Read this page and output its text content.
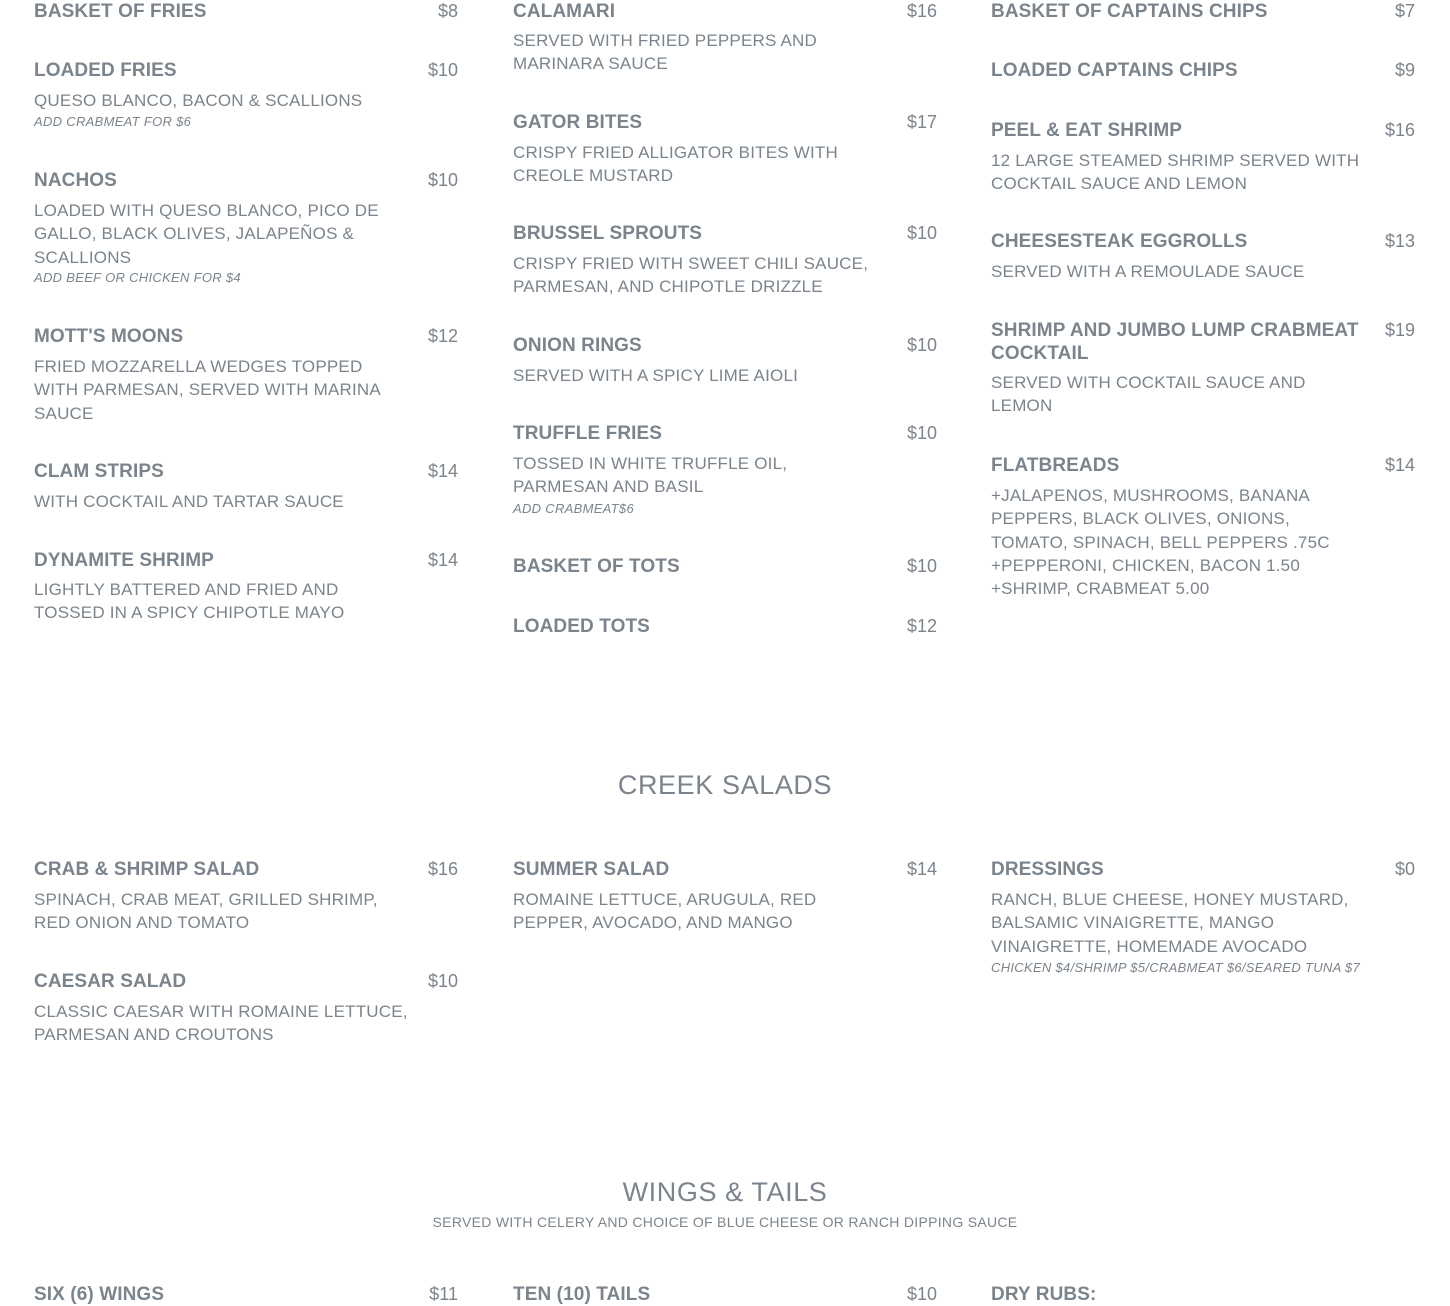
BASKET OF FRIES	$8
LOADED FRIES	$10
QUESO BLANCO, BACON & SCALLIONS
ADD CRABMEAT FOR $6
NACHOS	$10
LOADED WITH QUESO BLANCO, PICO DE GALLO, BLACK OLIVES, JALAPEÑOS & SCALLIONS
ADD BEEF OR CHICKEN FOR $4
MOTT'S MOONS	$12
FRIED MOZZARELLA WEDGES TOPPED WITH PARMESAN, SERVED WITH MARINA SAUCE
CLAM STRIPS	$14
WITH COCKTAIL AND TARTAR SAUCE
DYNAMITE SHRIMP	$14
LIGHTLY BATTERED AND FRIED AND TOSSED IN A SPICY CHIPOTLE MAYO
CALAMARI	$16
SERVED WITH FRIED PEPPERS AND MARINARA SAUCE
GATOR BITES	$17
CRISPY FRIED ALLIGATOR BITES WITH CREOLE MUSTARD
BRUSSEL SPROUTS	$10
CRISPY FRIED WITH SWEET CHILI SAUCE, PARMESAN, AND CHIPOTLE DRIZZLE
ONION RINGS	$10
SERVED WITH A SPICY LIME AIOLI
TRUFFLE FRIES	$10
TOSSED IN WHITE TRUFFLE OIL, PARMESAN AND BASIL
ADD CRABMEAT$6
BASKET OF TOTS	$10
LOADED TOTS	$12
BASKET OF CAPTAINS CHIPS	$7
LOADED CAPTAINS CHIPS	$9
PEEL & EAT SHRIMP	$16
12 LARGE STEAMED SHRIMP SERVED WITH COCKTAIL SAUCE AND LEMON
CHEESESTEAK EGGROLLS	$13
SERVED WITH A REMOULADE SAUCE
SHRIMP AND JUMBO LUMP CRABMEAT COCKTAIL
$19
SERVED WITH COCKTAIL SAUCE AND LEMON
FLATBREADS	$14
+JALAPENOS, MUSHROOMS, BANANA PEPPERS, BLACK OLIVES, ONIONS, TOMATO, SPINACH, BELL PEPPERS .75C +PEPPERONI, CHICKEN, BACON 1.50 +SHRIMP, CRABMEAT 5.00
CREEK SALADS
CRAB & SHRIMP SALAD	$16
SPINACH, CRAB MEAT, GRILLED SHRIMP, RED ONION AND TOMATO
CAESAR SALAD	$10
CLASSIC CAESAR WITH ROMAINE LETTUCE, PARMESAN AND CROUTONS
SUMMER SALAD	$14
ROMAINE LETTUCE, ARUGULA, RED PEPPER, AVOCADO, AND MANGO
DRESSINGS	$0
RANCH, BLUE CHEESE, HONEY MUSTARD, BALSAMIC VINAIGRETTE, MANGO VINAIGRETTE, HOMEMADE AVOCADO
CHICKEN $4/SHRIMP $5/CRABMEAT $6/SEARED TUNA $7
WINGS & TAILS
SERVED WITH CELERY AND CHOICE OF BLUE CHEESE OR RANCH DIPPING SAUCE
SIX (6) WINGS	$11	TEN (10) TAILS	$10	DRY RUBS:
